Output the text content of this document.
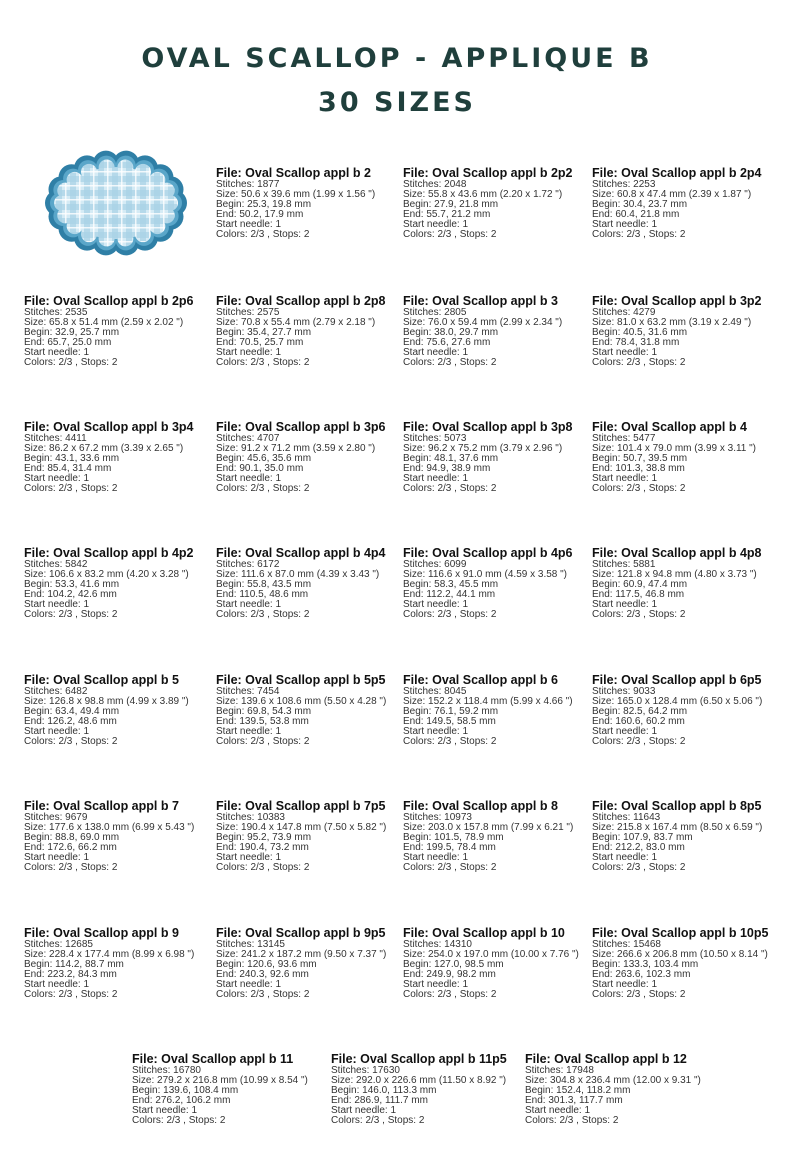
OVAL SCALLOP - APPLIQUE B
30 SIZES
File: Oval Scallop appl b 2
Stitches: 1877
Size: 50.6 x 39.6 mm (1.99 x 1.56 ")
Begin: 25.3, 19.8 mm
End: 50.2, 17.9 mm
Start needle: 1
Colors: 2/3 , Stops: 2
File: Oval Scallop appl b 2p2
Stitches: 2048
Size: 55.8 x 43.6 mm (2.20 x 1.72 ")
Begin: 27.9, 21.8 mm
End: 55.7, 21.2 mm
Start needle: 1
Colors: 2/3 , Stops: 2
File: Oval Scallop appl b 2p4
Stitches: 2253
Size: 60.8 x 47.4 mm (2.39 x 1.87 ")
Begin: 30.4, 23.7 mm
End: 60.4, 21.8 mm
Start needle: 1
Colors: 2/3 , Stops: 2
File: Oval Scallop appl b 2p6
Stitches: 2535
Size: 65.8 x 51.4 mm (2.59 x 2.02 ")
Begin: 32.9, 25.7 mm
End: 65.7, 25.0 mm
Start needle: 1
Colors: 2/3 , Stops: 2
File: Oval Scallop appl b 2p8
Stitches: 2575
Size: 70.8 x 55.4 mm (2.79 x 2.18 ")
Begin: 35.4, 27.7 mm
End: 70.5, 25.7 mm
Start needle: 1
Colors: 2/3 , Stops: 2
File: Oval Scallop appl b 3
Stitches: 2805
Size: 76.0 x 59.4 mm (2.99 x 2.34 ")
Begin: 38.0, 29.7 mm
End: 75.6, 27.6 mm
Start needle: 1
Colors: 2/3 , Stops: 2
File: Oval Scallop appl b 3p2
Stitches: 4279
Size: 81.0 x 63.2 mm (3.19 x 2.49 ")
Begin: 40.5, 31.6 mm
End: 78.4, 31.8 mm
Start needle: 1
Colors: 2/3 , Stops: 2
File: Oval Scallop appl b 3p4
Stitches: 4411
Size: 86.2 x 67.2 mm (3.39 x 2.65 ")
Begin: 43.1, 33.6 mm
End: 85.4, 31.4 mm
Start needle: 1
Colors: 2/3 , Stops: 2
File: Oval Scallop appl b 3p6
Stitches: 4707
Size: 91.2 x 71.2 mm (3.59 x 2.80 ")
Begin: 45.6, 35.6 mm
End: 90.1, 35.0 mm
Start needle: 1
Colors: 2/3 , Stops: 2
File: Oval Scallop appl b 3p8
Stitches: 5073
Size: 96.2 x 75.2 mm (3.79 x 2.96 ")
Begin: 48.1, 37.6 mm
End: 94.9, 38.9 mm
Start needle: 1
Colors: 2/3 , Stops: 2
File: Oval Scallop appl b 4
Stitches: 5477
Size: 101.4 x 79.0 mm (3.99 x 3.11 ")
Begin: 50.7, 39.5 mm
End: 101.3, 38.8 mm
Start needle: 1
Colors: 2/3 , Stops: 2
File: Oval Scallop appl b 4p2
Stitches: 5842
Size: 106.6 x 83.2 mm (4.20 x 3.28 ")
Begin: 53.3, 41.6 mm
End: 104.2, 42.6 mm
Start needle: 1
Colors: 2/3 , Stops: 2
File: Oval Scallop appl b 4p4
Stitches: 6172
Size: 111.6 x 87.0 mm (4.39 x 3.43 ")
Begin: 55.8, 43.5 mm
End: 110.5, 48.6 mm
Start needle: 1
Colors: 2/3 , Stops: 2
File: Oval Scallop appl b 4p6
Stitches: 6099
Size: 116.6 x 91.0 mm (4.59 x 3.58 ")
Begin: 58.3, 45.5 mm
End: 112.2, 44.1 mm
Start needle: 1
Colors: 2/3 , Stops: 2
File: Oval Scallop appl b 4p8
Stitches: 5881
Size: 121.8 x 94.8 mm (4.80 x 3.73 ")
Begin: 60.9, 47.4 mm
End: 117.5, 46.8 mm
Start needle: 1
Colors: 2/3 , Stops: 2
File: Oval Scallop appl b 5
Stitches: 6482
Size: 126.8 x 98.8 mm (4.99 x 3.89 ")
Begin: 63.4, 49.4 mm
End: 126.2, 48.6 mm
Start needle: 1
Colors: 2/3 , Stops: 2
File: Oval Scallop appl b 5p5
Stitches: 7454
Size: 139.6 x 108.6 mm (5.50 x 4.28 ")
Begin: 69.8, 54.3 mm
End: 139.5, 53.8 mm
Start needle: 1
Colors: 2/3 , Stops: 2
File: Oval Scallop appl b 6
Stitches: 8045
Size: 152.2 x 118.4 mm (5.99 x 4.66 ")
Begin: 76.1, 59.2 mm
End: 149.5, 58.5 mm
Start needle: 1
Colors: 2/3 , Stops: 2
File: Oval Scallop appl b 6p5
Stitches: 9033
Size: 165.0 x 128.4 mm (6.50 x 5.06 ")
Begin: 82.5, 64.2 mm
End: 160.6, 60.2 mm
Start needle: 1
Colors: 2/3 , Stops: 2
File: Oval Scallop appl b 7
Stitches: 9679
Size: 177.6 x 138.0 mm (6.99 x 5.43 ")
Begin: 88.8, 69.0 mm
End: 172.6, 66.2 mm
Start needle: 1
Colors: 2/3 , Stops: 2
File: Oval Scallop appl b 7p5
Stitches: 10383
Size: 190.4 x 147.8 mm (7.50 x 5.82 ")
Begin: 95.2, 73.9 mm
End: 190.4, 73.2 mm
Start needle: 1
Colors: 2/3 , Stops: 2
File: Oval Scallop appl b 8
Stitches: 10973
Size: 203.0 x 157.8 mm (7.99 x 6.21 ")
Begin: 101.5, 78.9 mm
End: 199.5, 78.4 mm
Start needle: 1
Colors: 2/3 , Stops: 2
File: Oval Scallop appl b 8p5
Stitches: 11643
Size: 215.8 x 167.4 mm (8.50 x 6.59 ")
Begin: 107.9, 83.7 mm
End: 212.2, 83.0 mm
Start needle: 1
Colors: 2/3 , Stops: 2
File: Oval Scallop appl b 9
Stitches: 12685
Size: 228.4 x 177.4 mm (8.99 x 6.98 ")
Begin: 114.2, 88.7 mm
End: 223.2, 84.3 mm
Start needle: 1
Colors: 2/3 , Stops: 2
File: Oval Scallop appl b 9p5
Stitches: 13145
Size: 241.2 x 187.2 mm (9.50 x 7.37 ")
Begin: 120.6, 93.6 mm
End: 240.3, 92.6 mm
Start needle: 1
Colors: 2/3 , Stops: 2
File: Oval Scallop appl b 10
Stitches: 14310
Size: 254.0 x 197.0 mm (10.00 x 7.76 ")
Begin: 127.0, 98.5 mm
End: 249.9, 98.2 mm
Start needle: 1
Colors: 2/3 , Stops: 2
File: Oval Scallop appl b 10p5
Stitches: 15468
Size: 266.6 x 206.8 mm (10.50 x 8.14 ")
Begin: 133.3, 103.4 mm
End: 263.6, 102.3 mm
Start needle: 1
Colors: 2/3 , Stops: 2
File: Oval Scallop appl b 11
Stitches: 16780
Size: 279.2 x 216.8 mm (10.99 x 8.54 ")
Begin: 139.6, 108.4 mm
End: 276.2, 106.2 mm
Start needle: 1
Colors: 2/3 , Stops: 2
File: Oval Scallop appl b 11p5
Stitches: 17630
Size: 292.0 x 226.6 mm (11.50 x 8.92 ")
Begin: 146.0, 113.3 mm
End: 286.9, 111.7 mm
Start needle: 1
Colors: 2/3 , Stops: 2
File: Oval Scallop appl b 12
Stitches: 17948
Size: 304.8 x 236.4 mm (12.00 x 9.31 ")
Begin: 152.4, 118.2 mm
End: 301.3, 117.7 mm
Start needle: 1
Colors: 2/3 , Stops: 2
